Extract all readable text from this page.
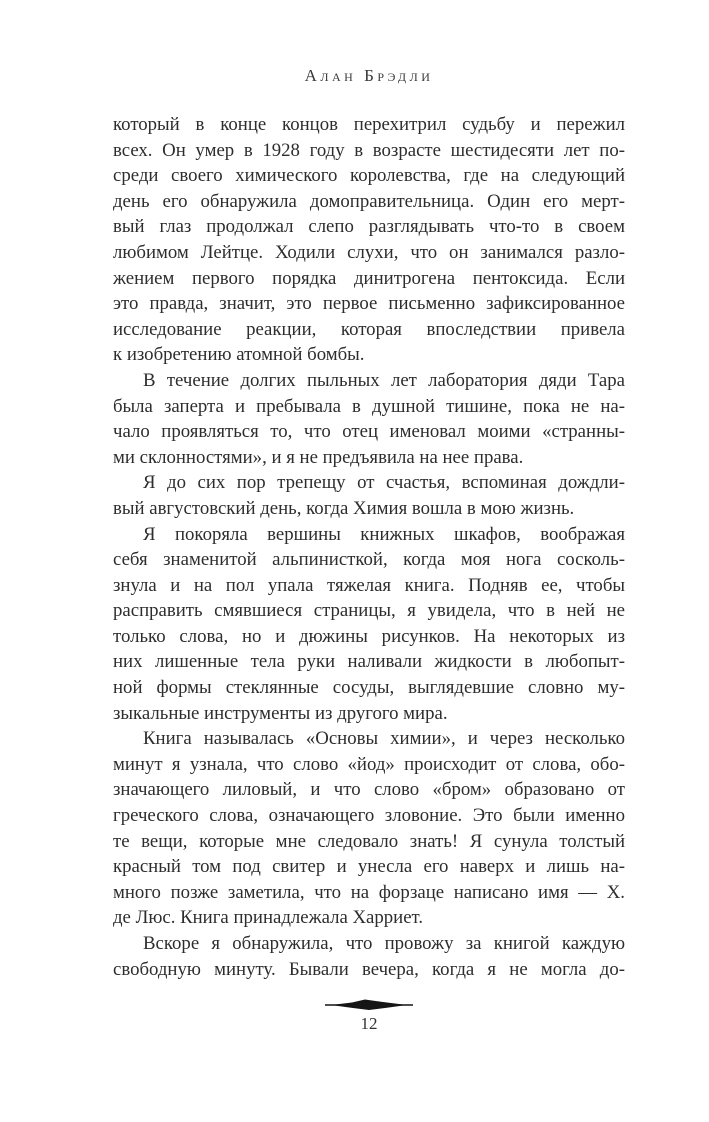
Алан Брэдли
который в конце концов перехитрил судьбу и пережил
всех. Он умер в 1928 году в возрасте шестидесяти лет по-
среди своего химического королевства, где на следующий
день его обнаружила домоправительница. Один его мерт-
вый глаз продолжал слепо разглядывать что-то в своем
любимом Лейтце. Ходили слухи, что он занимался разло-
жением первого порядка динитрогена пентоксида. Если
это правда, значит, это первое письменно зафиксированное
исследование реакции, которая впоследствии привела
к изобретению атомной бомбы.
В течение долгих пыльных лет лаборатория дяди Тара
была заперта и пребывала в душной тишине, пока не на-
чало проявляться то, что отец именовал моими «странны-
ми склонностями», и я не предъявила на нее права.
Я до сих пор трепещу от счастья, вспоминая дождли-
вый августовский день, когда Химия вошла в мою жизнь.
Я покоряла вершины книжных шкафов, воображая
себя знаменитой альпинисткой, когда моя нога сосколь-
знула и на пол упала тяжелая книга. Подняв ее, чтобы
расправить смявшиеся страницы, я увидела, что в ней не
только слова, но и дюжины рисунков. На некоторых из
них лишенные тела руки наливали жидкости в любопыт-
ной формы стеклянные сосуды, выглядевшие словно му-
зыкальные инструменты из другого мира.
Книга называлась «Основы химии», и через несколько
минут я узнала, что слово «йод» происходит от слова, обо-
значающего лиловый, и что слово «бром» образовано от
греческого слова, означающего зловоние. Это были именно
те вещи, которые мне следовало знать! Я сунула толстый
красный том под свитер и унесла его наверх и лишь на-
много позже заметила, что на форзаце написано имя — Х.
де Люс. Книга принадлежала Харриет.
Вскоре я обнаружила, что провожу за книгой каждую
свободную минуту. Бывали вечера, когда я не могла до-
12
